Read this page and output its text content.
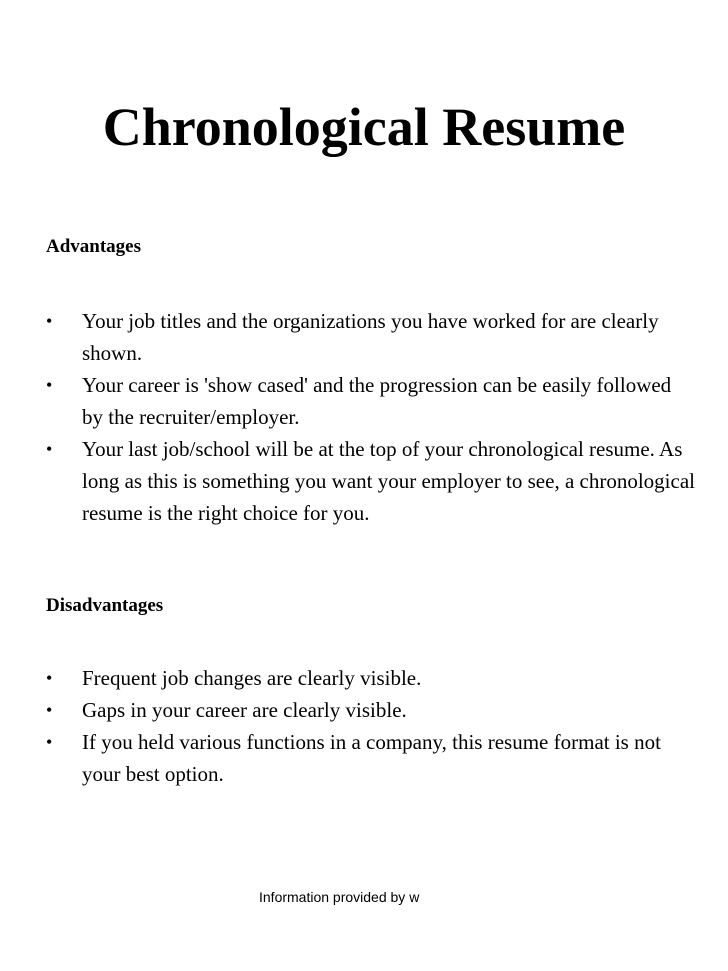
Chronological Resume
Advantages
• Your job titles and the organizations you have worked for are clearly shown.
• Your career is 'show cased' and the progression can be easily followed by the recruiter/employer.
• Your last job/school will be at the top of your chronological resume. As long as this is something you want your employer to see, a chronological resume is the right choice for you.
Disadvantages
• Frequent job changes are clearly visible.
• Gaps in your career are clearly visible.
• If you held various functions in a company, this resume format is not your best option.
Information provided by w
